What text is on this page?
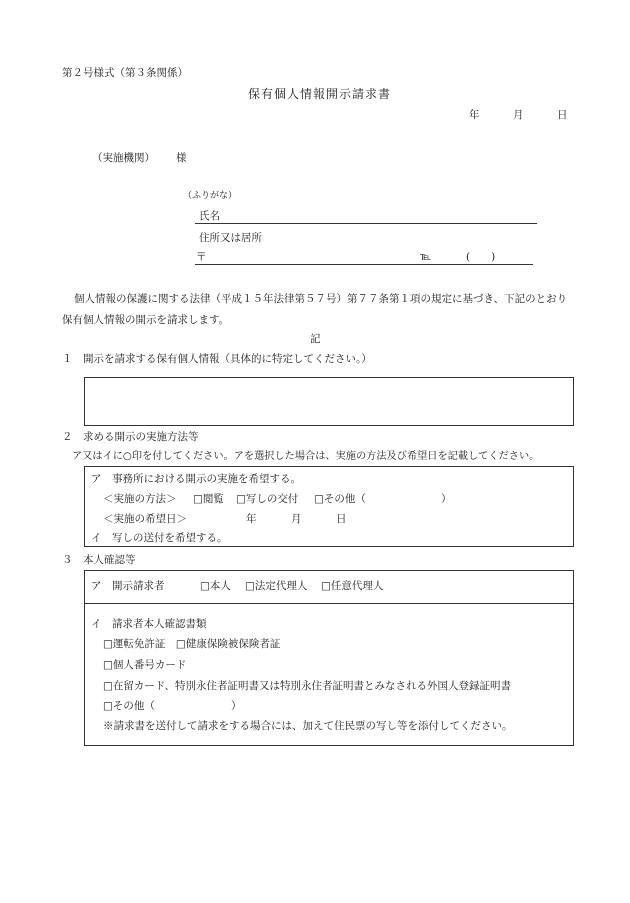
第２号様式（第３条関係）
保有個人情報開示請求書
年	月	日
（実施機関） 様
（ふりがな）
氏名
住所又は居所
〒	℡	(　　)
個人情報の保護に関する法律（平成１５年法律第５７号）第７７条第１項の規定に基づき、下記のとおり保有個人情報の開示を請求します。
記
１　開示を請求する保有個人情報（具体的に特定してください。）
２　求める開示の実施方法等
ア又はイに○印を付してください。アを選択した場合は、実施の方法及び希望日を記載してください。
ア　事務所における開示の実施を希望する。
＜実施の方法＞ □閲覧 □写しの交付 □その他（	）
＜実施の希望日＞	年	月	日
イ　写しの送付を希望する。
３　本人確認等
ア　開示請求者	□本人 □法定代理人 □任意代理人
イ　請求者本人確認書類
□運転免許証　□健康保険被保険者証
□個人番号カード
□在留カード、特別永住者証明書又は特別永住者証明書とみなされる外国人登録証明書
□その他（	）
※請求書を送付して請求をする場合には、加えて住民票の写し等を添付してください。
